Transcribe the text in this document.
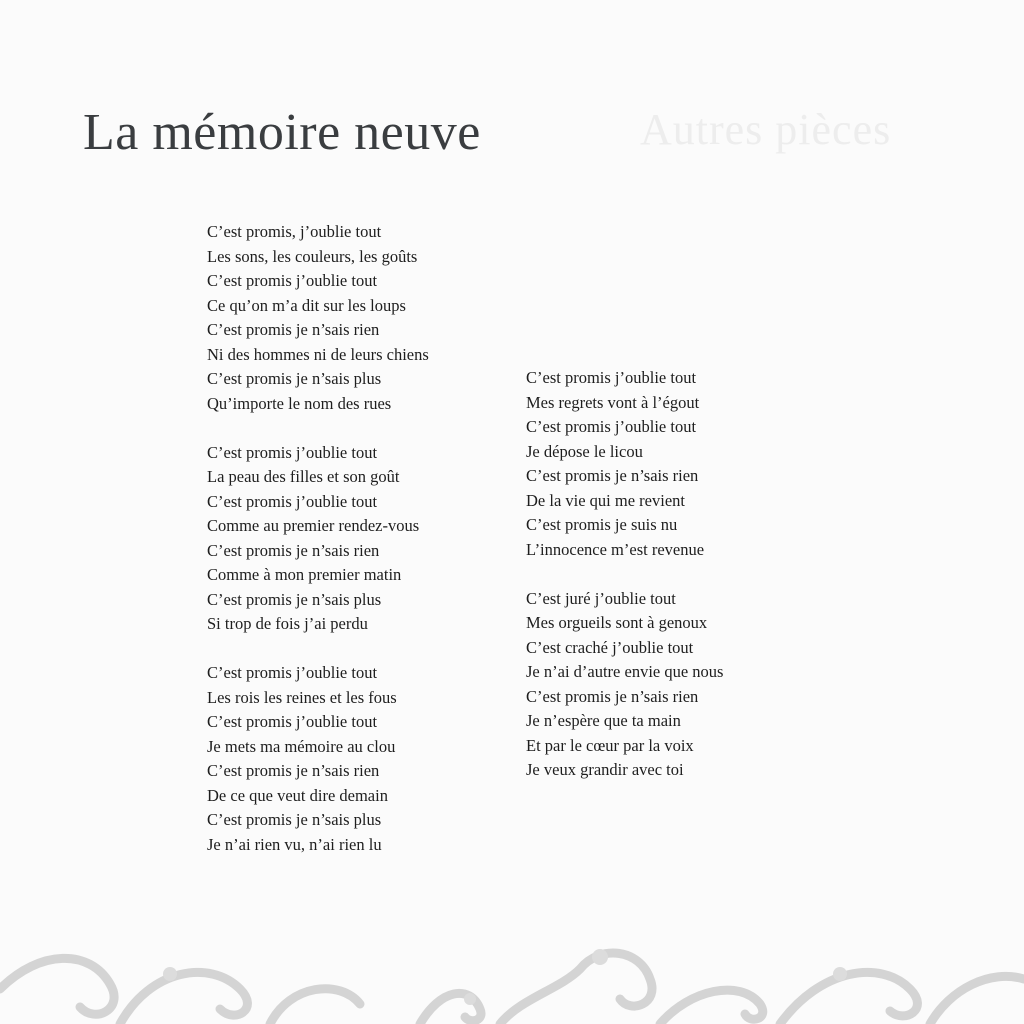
Autres pièces
La mémoire neuve
C’est promis, j’oublie tout
Les sons, les couleurs, les goûts
C’est promis j’oublie tout
Ce qu’on m’a dit sur les loups
C’est promis je n’sais rien
Ni des hommes ni de leurs chiens
C’est promis je n’sais plus
Qu’importe le nom des rues
C’est promis j’oublie tout
La peau des filles et son goût
C’est promis j’oublie tout
Comme au premier rendez-vous
C’est promis je n’sais rien
Comme à mon premier matin
C’est promis je n’sais plus
Si trop de fois j’ai perdu
C’est promis j’oublie tout
Les rois les reines et les fous
C’est promis j’oublie tout
Je mets ma mémoire au clou
C’est promis je n’sais rien
De ce que veut dire demain
C’est promis je n’sais plus
Je n’ai rien vu, n’ai rien lu
C’est promis j’oublie tout
Mes regrets vont à l’égout
C’est promis j’oublie tout
Je dépose le licou
C’est promis je n’sais rien
De la vie qui me revient
C’est promis je suis nu
L’innocence m’est revenue
C’est juré j’oublie tout
Mes orgueils sont à genoux
C’est craché j’oublie tout
Je n’ai d’autre envie que nous
C’est promis je n’sais rien
Je n’espère que ta main
Et par le cœur par la voix
Je veux grandir avec toi
